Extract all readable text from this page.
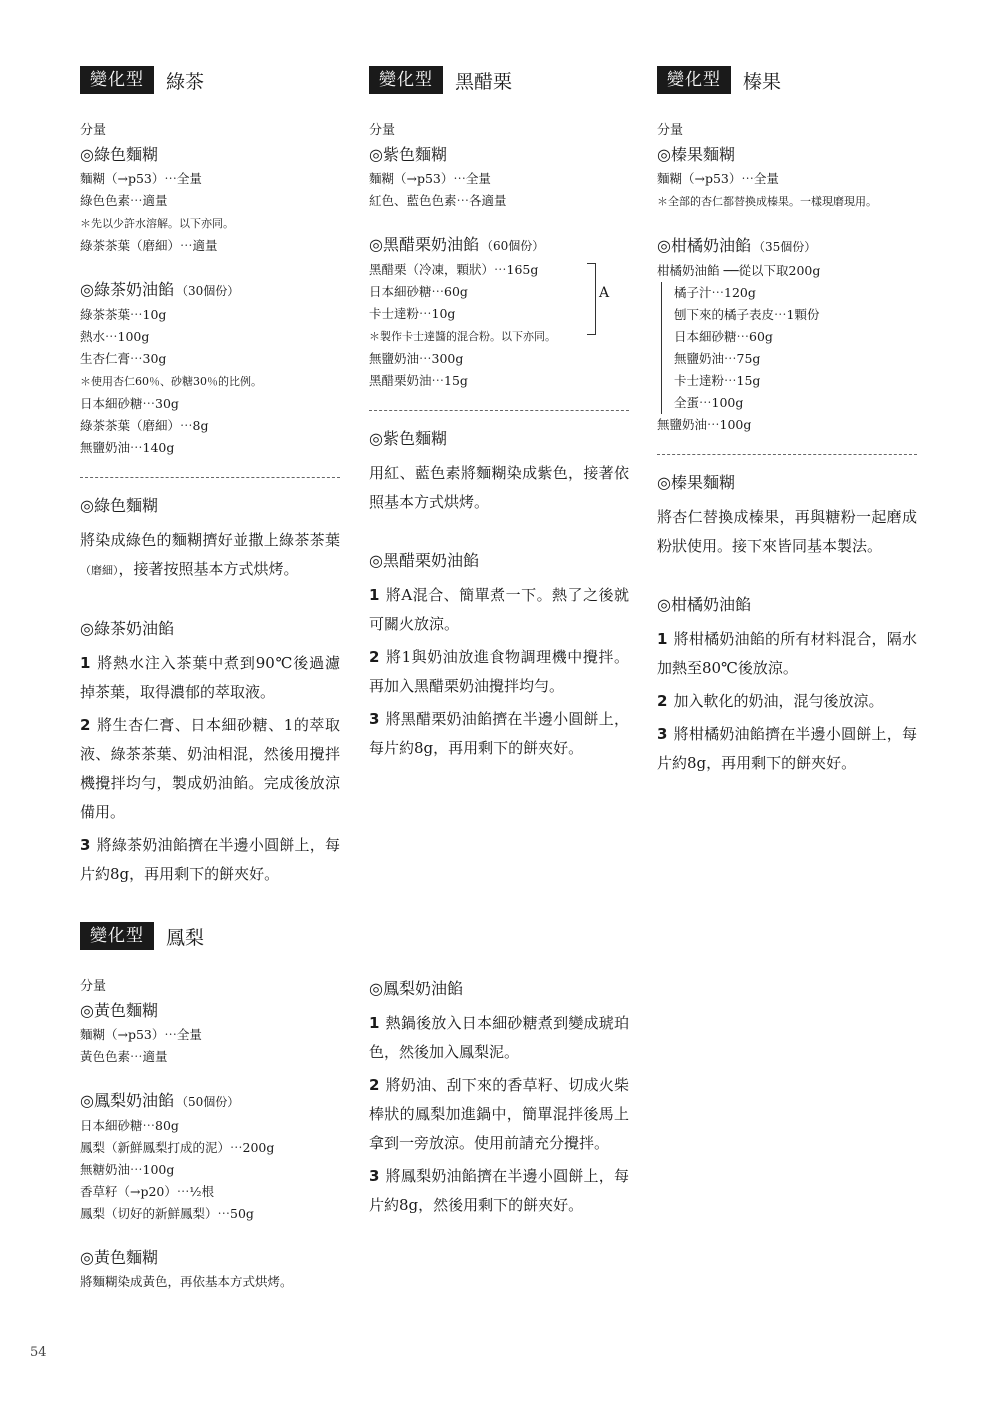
變化型	綠茶
分量
◎綠色麵糊
麵糊（→p53）⋯全量
綠色色素⋯適量
＊先以少許水溶解。以下亦同。
綠茶茶葉（磨細）⋯適量
◎綠茶奶油餡 （30個份）
綠茶茶葉⋯10g
熱水⋯100g
生杏仁膏⋯30g
＊使用杏仁60％、砂糖30％的比例。
日本細砂糖⋯30g
綠茶茶葉（磨細）⋯8g
無鹽奶油⋯140g
◎綠色麵糊
將染成綠色的麵糊擠好並撒上綠茶茶葉（磨細），接著按照基本方式烘烤。
◎綠茶奶油餡
1 將熱水注入茶葉中煮到90℃後過濾掉茶葉，取得濃郁的萃取液。
2 將生杏仁膏、日本細砂糖、1的萃取液、綠茶茶葉、奶油相混，然後用攪拌機攪拌均勻，製成奶油餡。完成後放涼備用。
3 將綠茶奶油餡擠在半邊小圓餅上，每片約8g，再用剩下的餅夾好。
變化型	黑醋栗
分量
◎紫色麵糊
麵糊（→p53）⋯全量
紅色、藍色色素⋯各適量
◎黑醋栗奶油餡 （60個份）
黑醋栗（冷凍，顆狀）⋯165g
日本細砂糖⋯60g
卡士達粉⋯10g
＊製作卡士達醬的混合粉。以下亦同。
A
無鹽奶油⋯300g
黑醋栗奶油⋯15g
◎紫色麵糊
用紅、藍色素將麵糊染成紫色，接著依照基本方式烘烤。
◎黑醋栗奶油餡
1 將A混合、簡單煮一下。熱了之後就可關火放涼。
2 將1與奶油放進食物調理機中攪拌。再加入黑醋栗奶油攪拌均勻。
3 將黑醋栗奶油餡擠在半邊小圓餅上，每片約8g，再用剩下的餅夾好。
變化型	榛果
分量
◎榛果麵糊
麵糊（→p53）⋯全量
＊全部的杏仁都替換成榛果。一樣現磨現用。
◎柑橘奶油餡 （35個份）
柑橘奶油餡 ──從以下取200g
橘子汁⋯120g
刨下來的橘子表皮⋯1顆份
日本細砂糖⋯60g
無鹽奶油⋯75g
卡士達粉⋯15g
全蛋⋯100g
無鹽奶油⋯100g
◎榛果麵糊
將杏仁替換成榛果，再與糖粉一起磨成粉狀使用。接下來皆同基本製法。
◎柑橘奶油餡
1 將柑橘奶油餡的所有材料混合，隔水加熱至80℃後放涼。
2 加入軟化的奶油，混勻後放涼。
3 將柑橘奶油餡擠在半邊小圓餅上，每片約8g，再用剩下的餅夾好。
變化型	鳳梨
分量
◎黃色麵糊
麵糊（→p53）⋯全量
黃色色素⋯適量
◎鳳梨奶油餡 （50個份）
日本細砂糖⋯80g
鳳梨（新鮮鳳梨打成的泥）⋯200g
無糖奶油⋯100g
香草籽（→p20）⋯½根
鳳梨（切好的新鮮鳳梨）⋯50g
◎黃色麵糊
將麵糊染成黃色，再依基本方式烘烤。
◎鳳梨奶油餡
1 熱鍋後放入日本細砂糖煮到變成琥珀色，然後加入鳳梨泥。
2 將奶油、刮下來的香草籽、切成火柴棒狀的鳳梨加進鍋中，簡單混拌後馬上拿到一旁放涼。使用前請充分攪拌。
3 將鳳梨奶油餡擠在半邊小圓餅上，每片約8g，然後用剩下的餅夾好。
54
